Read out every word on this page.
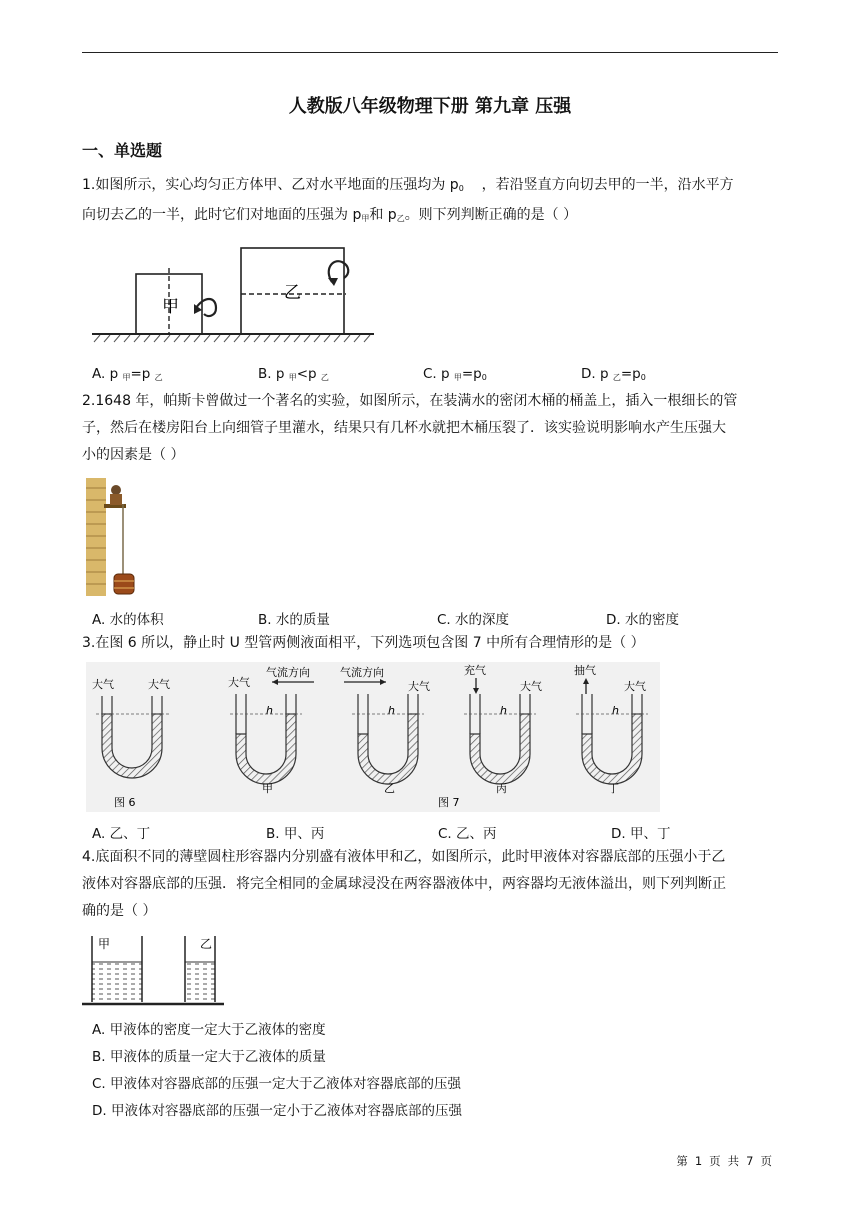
人教版八年级物理下册 第九章 压强
一、单选题
1.如图所示，实心均匀正方体甲、乙对水平地面的压强均为 $p_0$ ，若沿竖直方向切去甲的一半，沿水平方
向切去乙的一半，此时它们对地面的压强为 $p_甲$和 $p_乙$。则下列判断正确的是（ ）
甲
乙
A. p $_甲$=p $_乙$	B. p $_甲$<p $_乙$	C. p $_甲=p_0$	D. p $_乙=p_0$
2.1648 年，帕斯卡曾做过一个著名的实验，如图所示，在装满水的密闭木桶的桶盖上，插入一根细长的管
子，然后在楼房阳台上向细管子里灌水，结果只有几杯水就把木桶压裂了．该实验说明影响水产生压强大
小的因素是（ ）
A. 水的体积	B. 水的质量	C. 水的深度	D. 水的密度
3.在图 6 所以，静止时 U 型管两侧液面相平，下列选项包含图 7 中所有合理情形的是（ ）
大气	大气
图 6
大气
气流方向
h
甲
气流方向
大气
h
乙
图 7
充气
大气
h
丙
抽气
大气
h
丁
A. 乙、丁	B. 甲、丙	C. 乙、丙	D. 甲、丁
4.底面积不同的薄壁圆柱形容器内分别盛有液体甲和乙，如图所示，此时甲液体对容器底部的压强小于乙
液体对容器底部的压强．将完全相同的金属球浸没在两容器液体中，两容器均无液体溢出，则下列判断正
确的是（ ）
甲	乙
A. 甲液体的密度一定大于乙液体的密度
B. 甲液体的质量一定大于乙液体的质量
C. 甲液体对容器底部的压强一定大于乙液体对容器底部的压强
D. 甲液体对容器底部的压强一定小于乙液体对容器底部的压强
第 1 页 共 7 页
